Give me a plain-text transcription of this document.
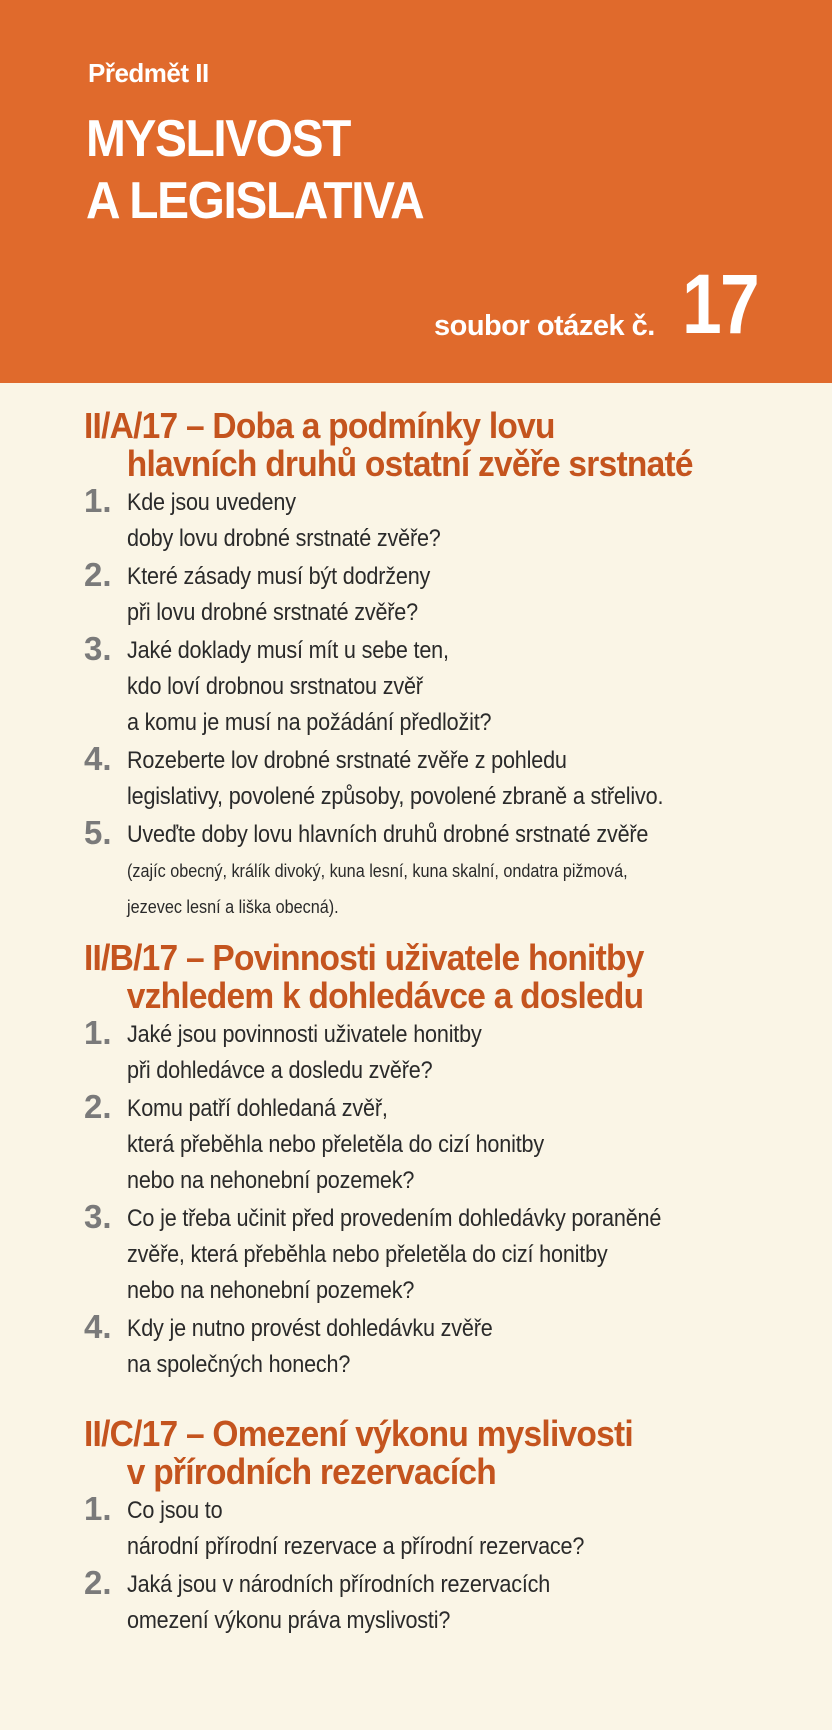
Předmět II
MYSLIVOST
A LEGISLATIVA
soubor otázek č. 17
II/A/17 – Doba a podmínky lovu
hlavních druhů ostatní zvěře srstnaté
1. Kde jsou uvedeny
doby lovu drobné srstnaté zvěře?
2. Které zásady musí být dodrženy
při lovu drobné srstnaté zvěře?
3. Jaké doklady musí mít u sebe ten,
kdo loví drobnou srstnatou zvěř
a komu je musí na požádání předložit?
4. Rozeberte lov drobné srstnaté zvěře z pohledu
legislativy, povolené způsoby, povolené zbraně a střelivo.
5. Uveďte doby lovu hlavních druhů drobné srstnaté zvěře
(zajíc obecný, králík divoký, kuna lesní, kuna skalní, ondatra pižmová,
jezevec lesní a liška obecná).
II/B/17 – Povinnosti uživatele honitby
vzhledem k dohledávce a dosledu
1. Jaké jsou povinnosti uživatele honitby
při dohledávce a dosledu zvěře?
2. Komu patří dohledaná zvěř,
která přeběhla nebo přeletěla do cizí honitby
nebo na nehonební pozemek?
3. Co je třeba učinit před provedením dohledávky poraněné
zvěře, která přeběhla nebo přeletěla do cizí honitby
nebo na nehonební pozemek?
4. Kdy je nutno provést dohledávku zvěře
na společných honech?
II/C/17 – Omezení výkonu myslivosti
v přírodních rezervacích
1. Co jsou to
národní přírodní rezervace a přírodní rezervace?
2. Jaká jsou v národních přírodních rezervacích
omezení výkonu práva myslivosti?
